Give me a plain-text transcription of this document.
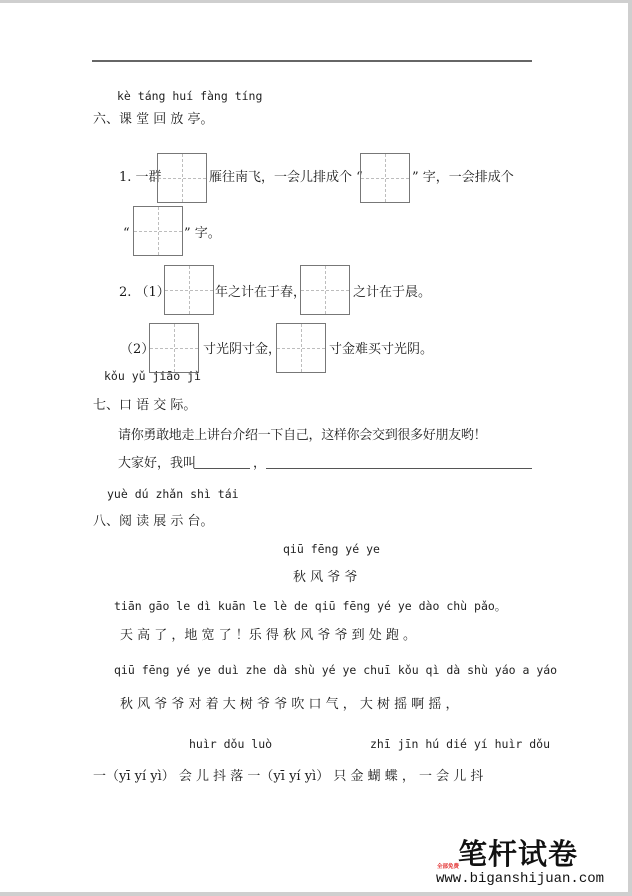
kè táng huí fàng tíng
六、课 堂 回 放 亭。
1. 一群	雁往南飞，一会儿排成个 “	” 字，一会排成个
“	” 字。
2. （1）	年之计在于春，	之计在于晨。
（2）	寸光阴寸金，	寸金难买寸光阴。
kǒu yǔ jiāo jì
七、口 语 交 际。
请你勇敢地走上讲台介绍一下自己，这样你会交到很多好朋友哟！
大家好，我叫	，
yuè dú zhǎn shì tái
八、阅 读 展 示 台。
qiū fēng yé ye
秋 风 爷 爷
tiān gāo le dì kuān le lè de qiū fēng yé ye dào chù pǎo。
天 高 了 ，地 宽 了 ！乐 得 秋 风 爷 爷 到 处 跑 。
qiū fēng yé ye duì zhe dà shù yé ye chuī kǒu qì dà shù yáo a yáo
秋 风 爷 爷 对 着 大 树 爷 爷 吹 口 气 ， 大 树 摇 啊 摇 ，
huìr dǒu luò	zhī jīn hú dié yí huìr dǒu
一（yī yí yì） 会 儿 抖 落 一（yī yí yì） 只 金 蝴 蝶 ， 一 会 儿 抖
笔杆试卷
全部免费
www.biganshijuan.com
